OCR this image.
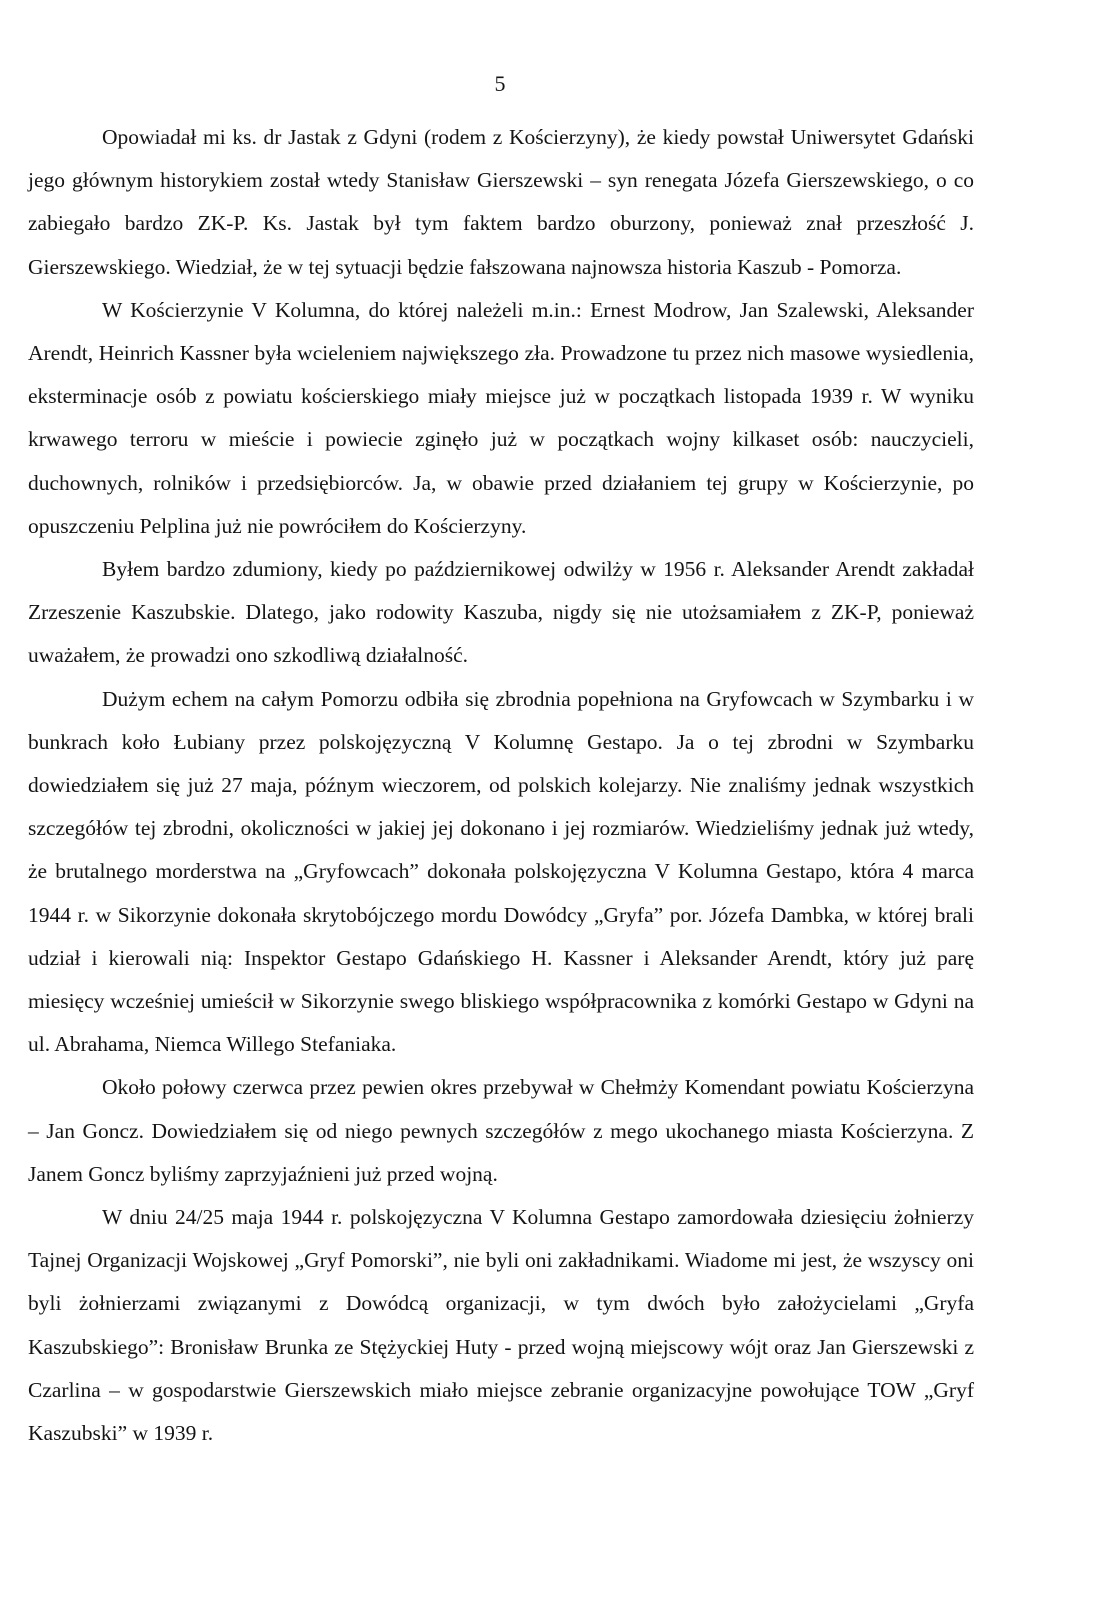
5

Opowiadał mi ks. dr Jastak z Gdyni (rodem z Kościerzyny), że kiedy powstał Uniwersytet Gdański jego głównym historykiem został wtedy Stanisław Gierszewski – syn renegata Józefa Gierszewskiego, o co zabiegało bardzo ZK-P. Ks. Jastak był tym faktem bardzo oburzony, ponieważ znał przeszłość J. Gierszewskiego. Wiedział, że w tej sytuacji będzie fałszowana najnowsza historia Kaszub - Pomorza.

W Kościerzynie V Kolumna, do której należeli m.in.: Ernest Modrow, Jan Szalewski, Aleksander Arendt, Heinrich Kassner była wcieleniem największego zła. Prowadzone tu przez nich masowe wysiedlenia, eksterminacje osób z powiatu kościerskiego miały miejsce już w początkach listopada 1939 r. W wyniku krwawego terroru w mieście i powiecie zginęło już w początkach wojny kilkaset osób: nauczycieli, duchownych, rolników i przedsiębiorców. Ja, w obawie przed działaniem tej grupy w Kościerzynie, po opuszczeniu Pelplina już nie powróciłem do Kościerzyny.

Byłem bardzo zdumiony, kiedy po październikowej odwilży w 1956 r. Aleksander Arendt zakładał Zrzeszenie Kaszubskie. Dlatego, jako rodowity Kaszuba, nigdy się nie utożsamiałem z ZK-P, ponieważ uważałem, że prowadzi ono szkodliwą działalność.

Dużym echem na całym Pomorzu odbiła się zbrodnia popełniona na Gryfowcach w Szymbarku i w bunkrach koło Łubiany przez polskojęzyczną V Kolumnę Gestapo. Ja o tej zbrodni w Szymbarku dowiedziałem się już 27 maja, późnym wieczorem, od polskich kolejarzy. Nie znaliśmy jednak wszystkich szczegółów tej zbrodni, okoliczności w jakiej jej dokonano i jej rozmiarów. Wiedzieliśmy jednak już wtedy, że brutalnego morderstwa na „Gryfowcach” dokonała polskojęzyczna V Kolumna Gestapo, która 4 marca 1944 r. w Sikorzynie dokonała skrytobójczego mordu Dowódcy „Gryfa” por. Józefa Dambka, w której brali udział i kierowali nią: Inspektor Gestapo Gdańskiego H. Kassner i Aleksander Arendt, który już parę miesięcy wcześniej umieścił w Sikorzynie swego bliskiego współpracownika z komórki Gestapo w Gdyni na ul. Abrahama, Niemca Willego Stefaniaka.

Około połowy czerwca przez pewien okres przebywał w Chełmży Komendant powiatu Kościerzyna – Jan Goncz. Dowiedziałem się od niego pewnych szczegółów z mego ukochanego miasta Kościerzyna. Z Janem Goncz byliśmy zaprzyjaźnieni już przed wojną.

W dniu 24/25 maja 1944 r. polskojęzyczna V Kolumna Gestapo zamordowała dziesięciu żołnierzy Tajnej Organizacji Wojskowej „Gryf Pomorski”, nie byli oni zakładnikami. Wiadome mi jest, że wszyscy oni byli żołnierzami związanymi z Dowódcą organizacji, w tym dwóch było założycielami „Gryfa Kaszubskiego”: Bronisław Brunka ze Stężyckiej Huty - przed wojną miejscowy wójt oraz Jan Gierszewski z Czarlina – w gospodarstwie Gierszewskich miało miejsce zebranie organizacyjne powołujące TOW „Gryf Kaszubski” w 1939 r.
